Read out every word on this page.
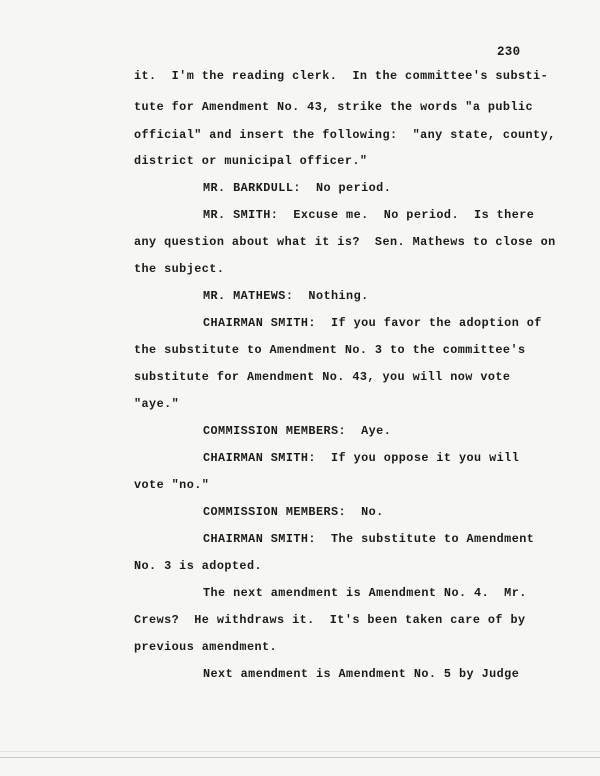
230
it.  I'm the reading clerk.  In the committee's substi-
tute for Amendment No. 43, strike the words "a public
official" and insert the following:  "any state, county,
district or municipal officer."
MR. BARKDULL:  No period.
MR. SMITH:  Excuse me.  No period.  Is there
any question about what it is?  Sen. Mathews to close on
the subject.
MR. MATHEWS:  Nothing.
CHAIRMAN SMITH:  If you favor the adoption of
the substitute to Amendment No. 3 to the committee's
substitute for Amendment No. 43, you will now vote
"aye."
COMMISSION MEMBERS:  Aye.
CHAIRMAN SMITH:  If you oppose it you will
vote "no."
COMMISSION MEMBERS:  No.
CHAIRMAN SMITH:  The substitute to Amendment
No. 3 is adopted.
The next amendment is Amendment No. 4.  Mr.
Crews?  He withdraws it.  It's been taken care of by
previous amendment.
Next amendment is Amendment No. 5 by Judge
